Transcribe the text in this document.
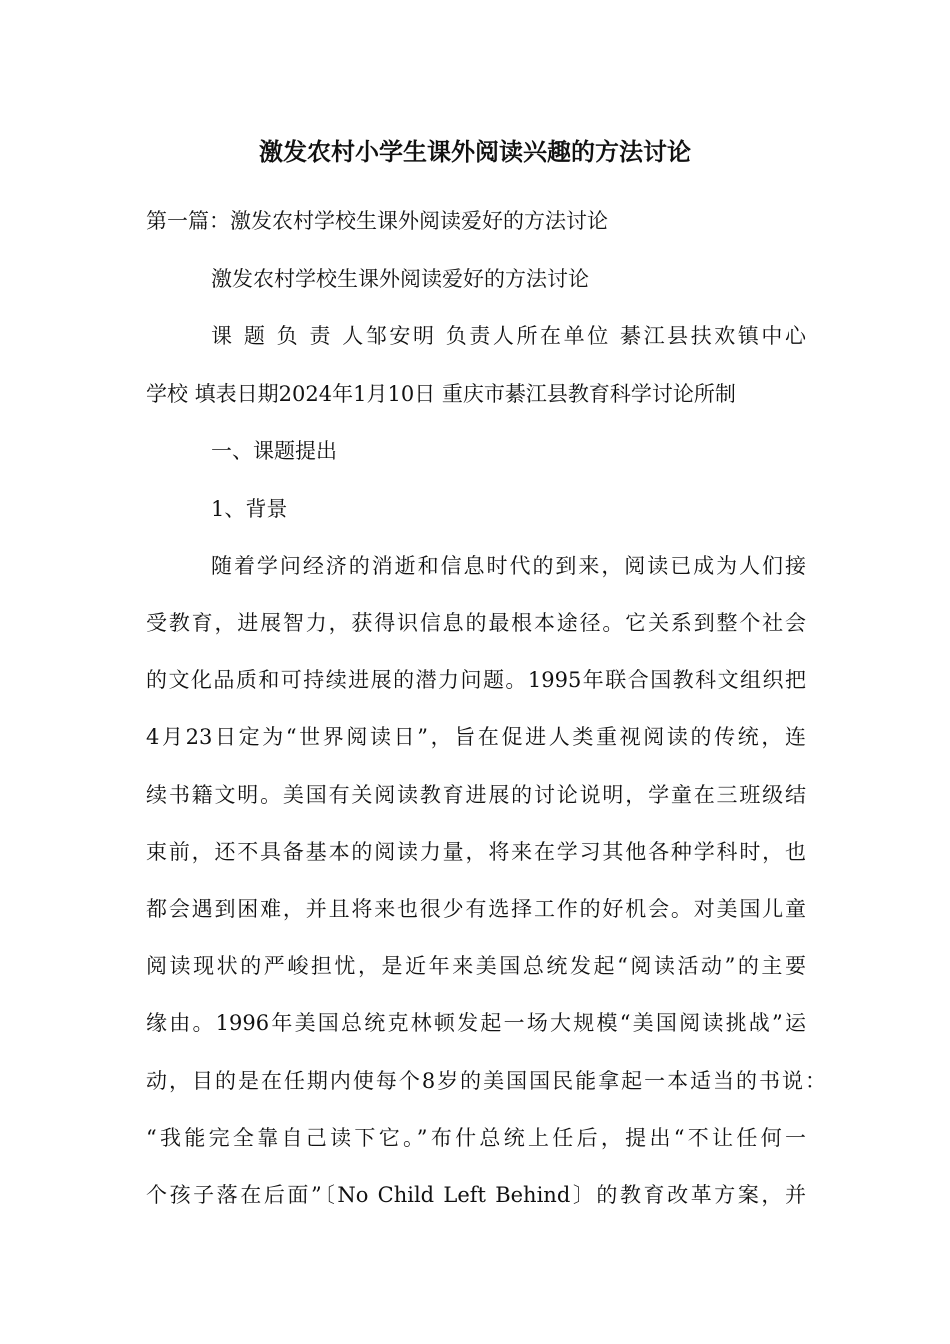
激发农村小学生课外阅读兴趣的方法讨论
第一篇：激发农村学校生课外阅读爱好的方法讨论
激发农村学校生课外阅读爱好的方法讨论
课 题 负 责 人邹安明 负责人所在单位 綦江县扶欢镇中心
学校 填表日期2024年1月10日 重庆市綦江县教育科学讨论所制
一、课题提出
1、背景
随着学问经济的消逝和信息时代的到来，阅读已成为人们接
受教育，进展智力，获得识信息的最根本途径。它关系到整个社会
的文化品质和可持续进展的潜力问题。1995年联合国教科文组织把
4月23日定为“世界阅读日”，旨在促进人类重视阅读的传统，连
续书籍文明。美国有关阅读教育进展的讨论说明，学童在三班级结
束前，还不具备基本的阅读力量，将来在学习其他各种学科时，也
都会遇到困难，并且将来也很少有选择工作的好机会。对美国儿童
阅读现状的严峻担忧，是近年来美国总统发起“阅读活动”的主要
缘由。1996年美国总统克林顿发起一场大规模“美国阅读挑战”运
动，目的是在任期内使每个8岁的美国国民能拿起一本适当的书说：
“我能完全靠自己读下它。”布什总统上任后，提出“不让任何一
个孩子落在后面”〔No Child Left Behind〕的教育改革方案，并
